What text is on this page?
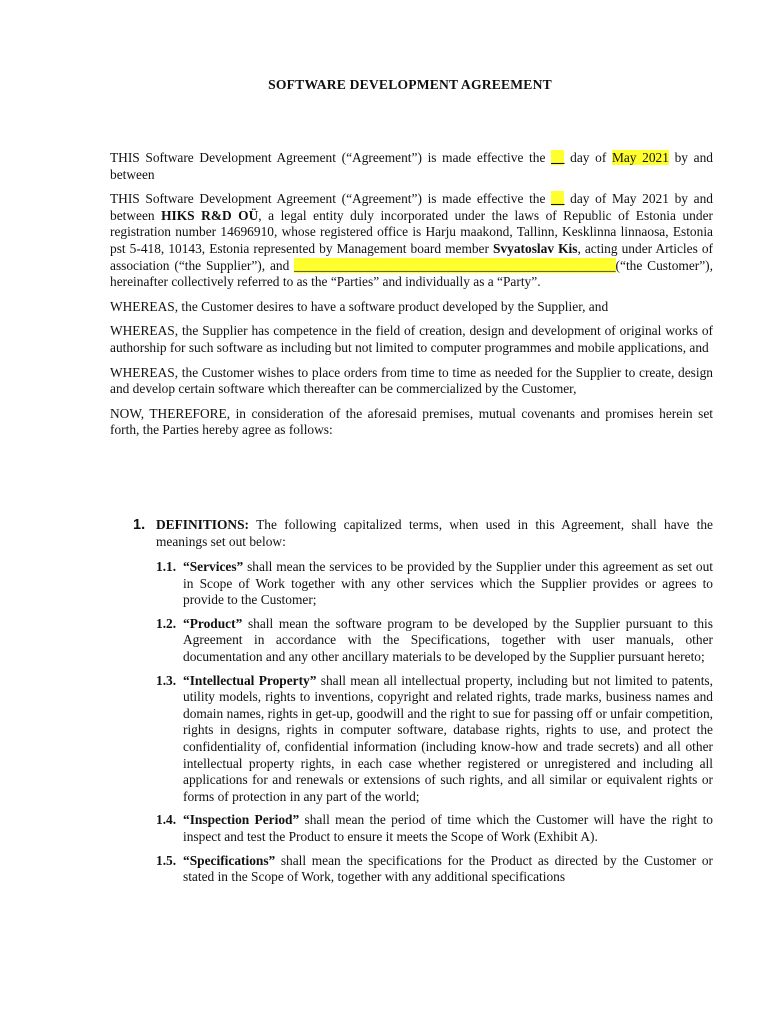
SOFTWARE DEVELOPMENT AGREEMENT

THIS Software Development Agreement (“Agreement”) is made effective the __ day of May 2021 by and between

THIS Software Development Agreement (“Agreement”) is made effective the __ day of May 2021 by and between HIKS R&D OÜ, a legal entity duly incorporated under the laws of Republic of Estonia under registration number 14696910, whose registered office is Harju maakond, Tallinn, Kesklinna linnaosa, Estonia pst 5-418, 10143, Estonia represented by Management board member Svyatoslav Kis, acting under Articles of association (“the Supplier”), and ________________________________________________(“the Customer”), hereinafter collectively referred to as the “Parties” and individually as a “Party”.

WHEREAS, the Customer desires to have a software product developed by the Supplier, and

WHEREAS, the Supplier has competence in the field of creation, design and development of original works of authorship for such software as including but not limited to computer programmes and mobile applications, and

WHEREAS, the Customer wishes to place orders from time to time as needed for the Supplier to create, design and develop certain software which thereafter can be commercialized by the Customer,

NOW, THEREFORE, in consideration of the aforesaid premises, mutual covenants and promises herein set forth, the Parties hereby agree as follows:

1. DEFINITIONS: The following capitalized terms, when used in this Agreement, shall have the meanings set out below:
1.1. “Services” shall mean the services to be provided by the Supplier under this agreement as set out in Scope of Work together with any other services which the Supplier provides or agrees to provide to the Customer;
1.2. “Product” shall mean the software program to be developed by the Supplier pursuant to this Agreement in accordance with the Specifications, together with user manuals, other documentation and any other ancillary materials to be developed by the Supplier pursuant hereto;
1.3. “Intellectual Property” shall mean all intellectual property, including but not limited to patents, utility models, rights to inventions, copyright and related rights, trade marks, business names and domain names, rights in get-up, goodwill and the right to sue for passing off or unfair competition, rights in designs, rights in computer software, database rights, rights to use, and protect the confidentiality of, confidential information (including know-how and trade secrets) and all other intellectual property rights, in each case whether registered or unregistered and including all applications for and renewals or extensions of such rights, and all similar or equivalent rights or forms of protection in any part of the world;
1.4. “Inspection Period” shall mean the period of time which the Customer will have the right to inspect and test the Product to ensure it meets the Scope of Work (Exhibit A).
1.5. “Specifications” shall mean the specifications for the Product as directed by the Customer or stated in the Scope of Work, together with any additional specifications
